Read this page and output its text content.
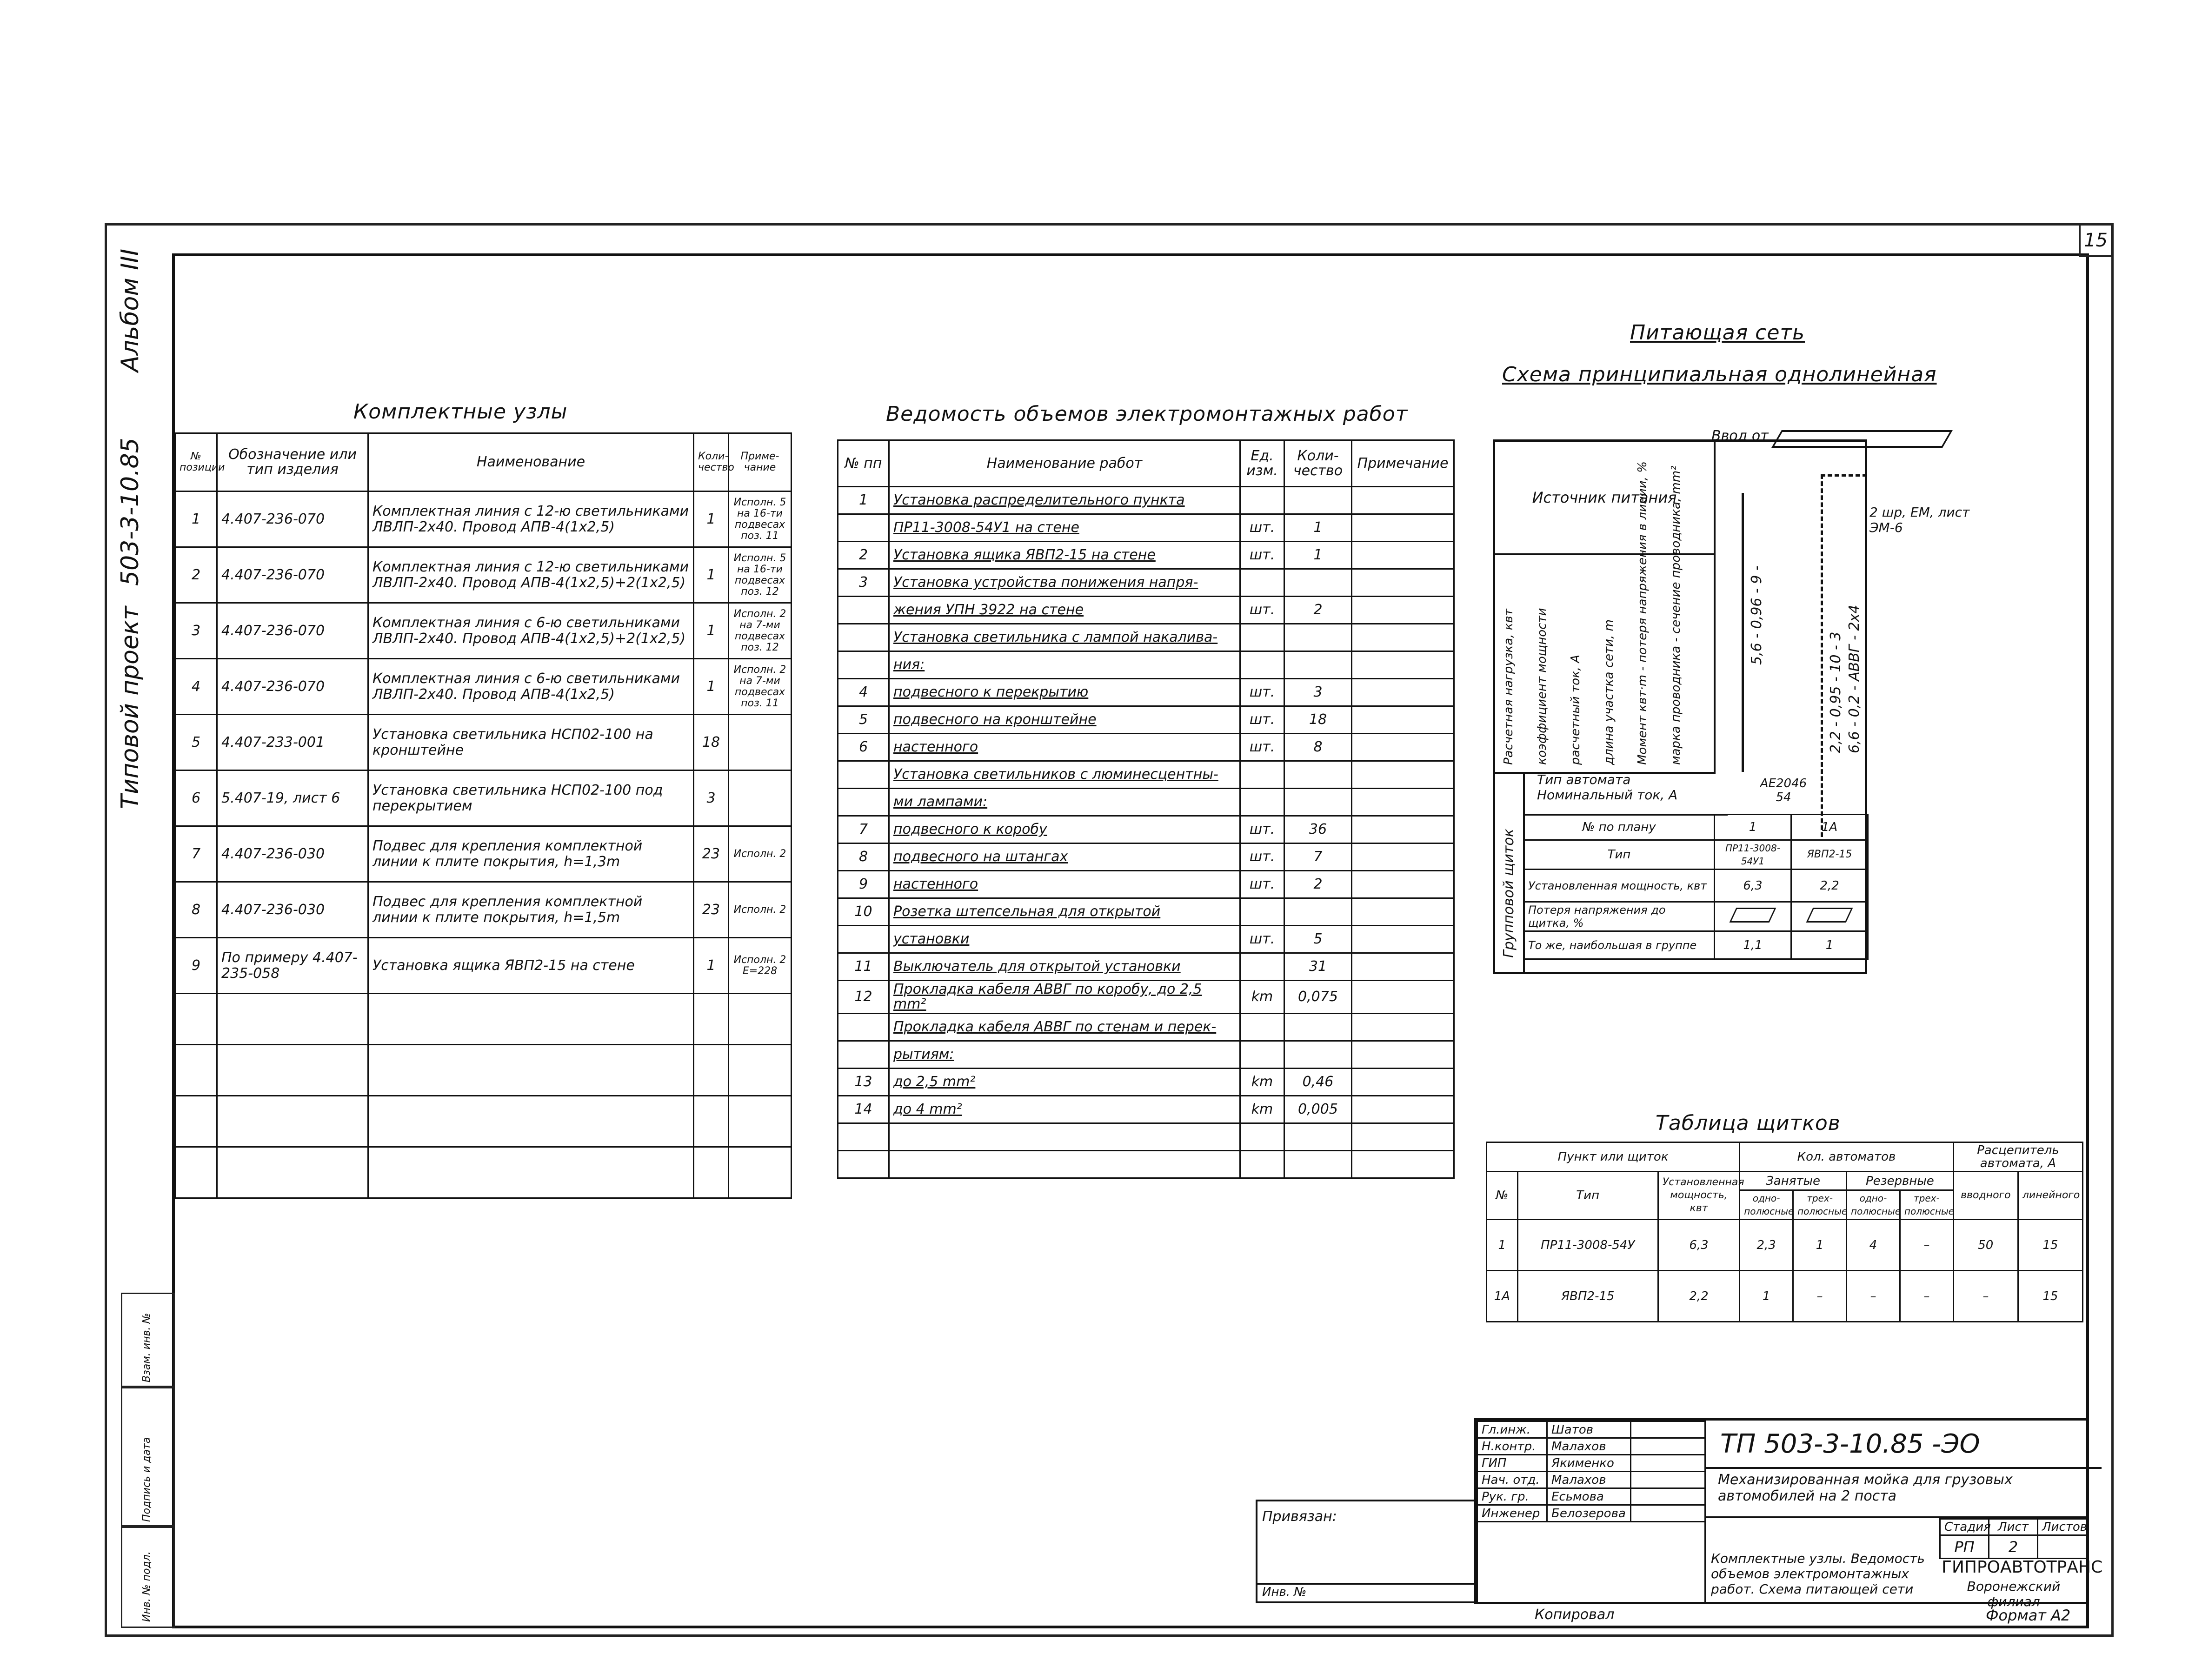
15
Типовой проект
503-3-10.85
Альбом III
Взам. инв. №
Подпись и дата
Инв. № подл.
Комплектные узлы
№ позиции	Обозначение или тип изделия	Наименование	Коли-чество	Приме-чание
1	4.407-236-070	Комплектная линия с 12-ю светильниками ЛВЛП-2х40. Провод АПВ-4(1х2,5)	1	Исполн. 5 на 16-ти подвесах поз. 11
2	4.407-236-070	Комплектная линия с 12-ю светильниками ЛВЛП-2х40. Провод АПВ-4(1х2,5)+2(1х2,5)	1	Исполн. 5 на 16-ти подвесах поз. 12
3	4.407-236-070	Комплектная линия с 6-ю светильниками ЛВЛП-2х40. Провод АПВ-4(1х2,5)+2(1х2,5)	1	Исполн. 2 на 7-ми подвесах поз. 12
4	4.407-236-070	Комплектная линия с 6-ю светильниками ЛВЛП-2х40. Провод АПВ-4(1х2,5)	1	Исполн. 2 на 7-ми подвесах поз. 11
5	4.407-233-001	Установка светильника НСП02-100 на кронштейне	18	
6	5.407-19, лист 6	Установка светильника НСП02-100 под перекрытием	3	
7	4.407-236-030	Подвес для крепления комплектной линии к плите покрытия, h=1,3m	23	Исполн. 2
8	4.407-236-030	Подвес для крепления комплектной линии к плите покрытия, h=1,5m	23	Исполн. 2
9	По примеру 4.407-235-058	Установка ящика ЯВП2-15 на стене	1	Исполн. 2 Е=228

Ведомость объемов электромонтажных работ
№ пп	Наименование работ	Ед. изм.	Коли-чество	Примечание
1	Установка распределительного пункта			
	ПР11-3008-54У1 на стене	шт.	1	
2	Установка ящика ЯВП2-15 на стене	шт.	1	
3	Установка устройства понижения напря-			
	жения УПН 3922 на стене	шт.	2	
	Установка светильника с лампой накалива-			
	ния:			
4	подвесного к перекрытию	шт.	3	
5	подвесного на кронштейне	шт.	18	
6	настенного	шт.	8	
	Установка светильников с люминесцентны-			
	ми лампами:			
7	подвесного к коробу	шт.	36	
8	подвесного на штангах	шт.	7	
9	настенного	шт.	2	
10	Розетка штепсельная для открытой			
	установки	шт.	5	
11	Выключатель для открытой установки		31	
12	Прокладка кабеля АВВГ по коробу, до 2,5 mm²	km	0,075	
	Прокладка кабеля АВВГ по стенам и перек-			
	рытиям:			
13	до 2,5 mm²	km	0,46	
14	до 4 mm²	km	0,005	

Питающая сеть
Схема принципиальная однолинейная
Ввод от
Источник питания
Расчетная нагрузка, квт коэффициент мощности расчетный ток, А длина участка сети, m Момент квт·m - потеря напряжения в линии, % марка проводника - сечение проводника, mm²
Групповой щиток
Тип автомата
Номинальный ток, А
АЕ2046 54
№ по плану	1	1А
Тип	ПР11-3008-54У1	ЯВП2-15
Установленная мощность, квт	6,3	2,2
Потеря напряжения до щитка, %		
То же, наибольшая в группе	1,1	1
5,6 - 0,96 - 9 -
2,2 - 0,95 - 10 - 3 6,6 - 0,2 - АВВГ - 2х4
2 шр, ЕМ, лист ЭМ-6
Таблица щитков
Пункт или щиток			Кол. автоматов				Расцепитель автомата, А	
№	Тип	Установленная мощность, квт	Занятые		Резервные		вводного	линейного
			одно-полюсные	трех-полюсные	одно-полюсные	трех-полюсные		
1	ПР11-3008-54У	6,3	2,3	1	4	–	50	15
1А	ЯВП2-15	2,2	1	–	–	–	–	15
Привязан:
Инв. №
Гл.инж.	Шатов	
Н.контр.	Малахов	
ГИП	Якименко	
Нач. отд.	Малахов	
Рук. гр.	Есьмова	
Инженер	Белозерова	
ТП 503-3-10.85 -ЭО
Механизированная мойка для грузовых автомобилей на 2 поста
Комплектные узлы. Ведомость объемов электромонтажных работ. Схема питающей сети
Стадия	Лист	Листов
РП	2	
ГИПРОАВТОТРАНС
Воронежский филиал
Копировал	Формат А2
